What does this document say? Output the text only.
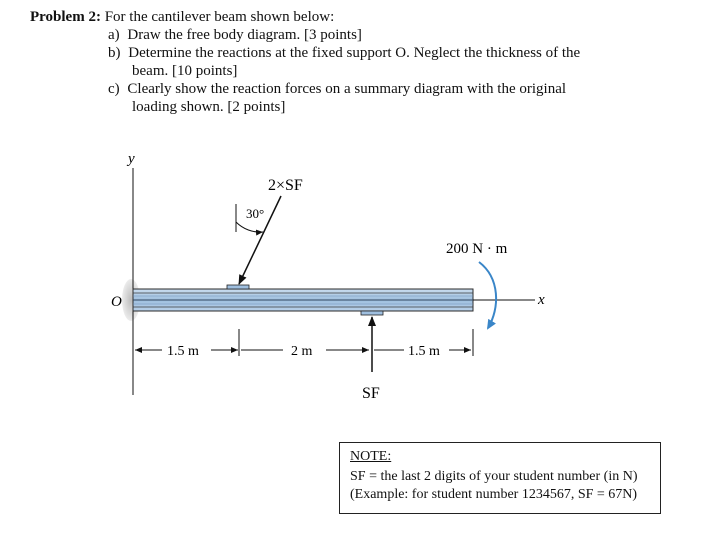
Problem 2: For the cantilever beam shown below:
a) Draw the free body diagram. [3 points]
b) Determine the reactions at the fixed support O. Neglect the thickness of the
beam. [10 points]
c) Clearly show the reaction forces on a summary diagram with the original
loading shown. [2 points]
y
x
O
2×SF
30°
200 N · m
SF
1.5 m	2 m	1.5 m
NOTE:
SF = the last 2 digits of your student number (in N)
(Example: for student number 1234567, SF = 67N)
